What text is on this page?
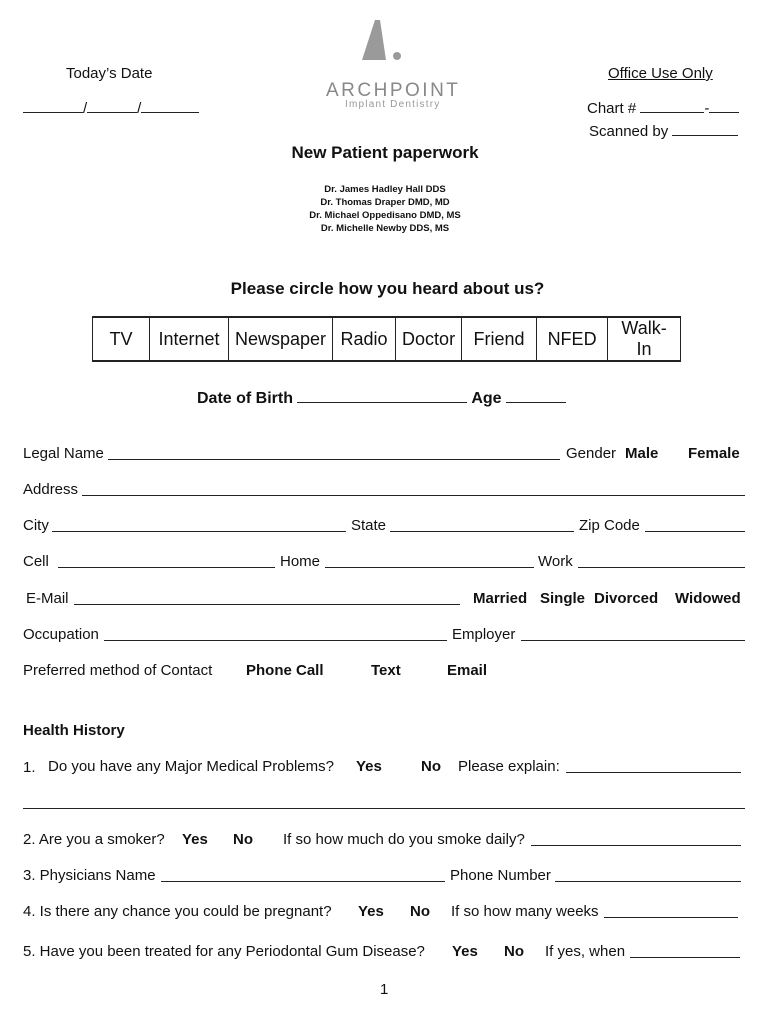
Today’s Date
/	/
ARCHPOINT
Implant Dentistry
Office Use Only
Chart #	-
Scanned by
New Patient paperwork
Dr. James Hadley Hall DDS
Dr. Thomas Draper DMD, MD
Dr. Michael Oppedisano DMD, MS
Dr. Michelle Newby DDS, MS
Please circle how you heard about us?
TV	Internet	Newspaper	Radio	Doctor	Friend	NFED	Walk-In
Date of Birth	Age
Legal Name	Gender Male Female
Address
City	State	Zip Code
Cell	Home	Work
E-Mail	Married Single Divorced Widowed
Occupation	Employer
Preferred method of Contact Phone Call	Text	Email
Health History
1. Do you have any Major Medical Problems? Yes	No Please explain:
2. Are you a smoker? Yes No If so how much do you smoke daily?
3. Physicians Name	Phone Number
4. Is there any chance you could be pregnant? Yes No If so how many weeks
5. Have you been treated for any Periodontal Gum Disease? Yes No If yes, when
1
